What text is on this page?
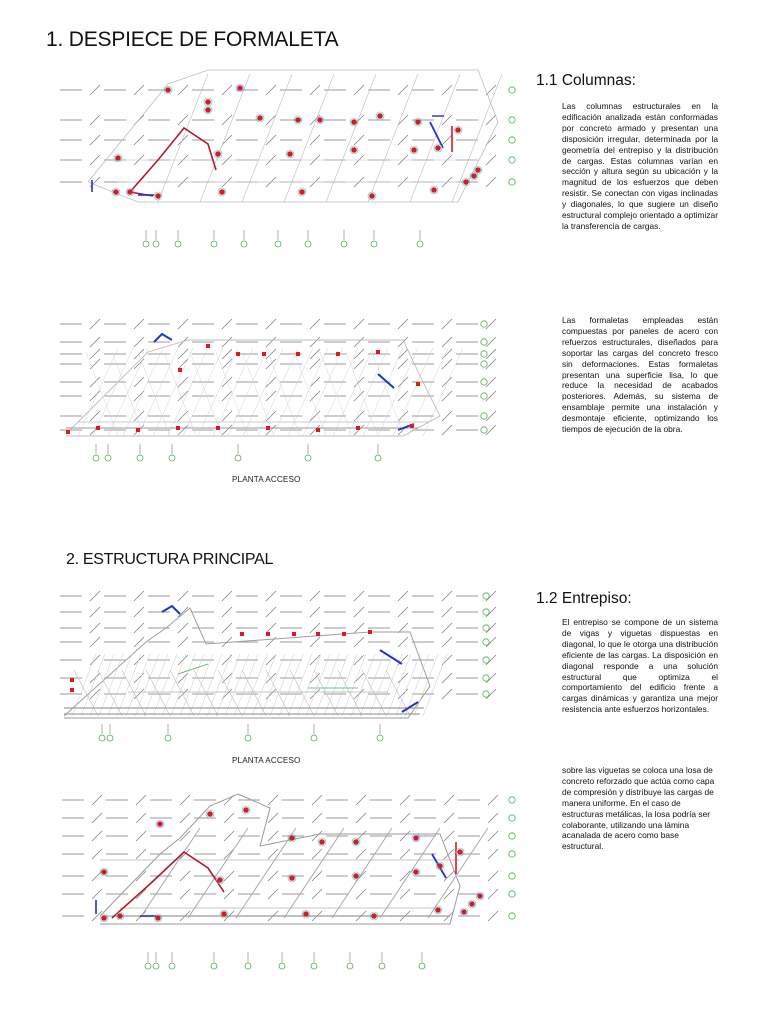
1. DESPIECE DE FORMALETA
1.1 Columnas:
Las columnas estructurales en la edificación analizada están conformadas por concreto armado y presentan una disposición irregular, determinada por la geometría del entrepiso y la distribución de cargas. Estas columnas varían en sección y altura según su ubicación y la magnitud de los esfuerzos que deben resistir. Se conectan con vigas inclinadas y diagonales, lo que sugiere un diseño estructural complejo orientado a optimizar la transferencia de cargas.
Las formaletas empleadas están compuestas por paneles de acero con refuerzos estructurales, diseñados para soportar las cargas del concreto fresco sin deformaciones. Estas formaletas presentan una superficie lisa, lo que reduce la necesidad de acabados posteriores. Además, su sistema de ensamblaje permite una instalación y desmontaje eficiente, optimizando los tiempos de ejecución de la obra.
PLANTA ACCESO
2. ESTRUCTURA PRINCIPAL
PLANTA ACCESO
1.2 Entrepiso:
El entrepiso se compone de un sistema de vigas y viguetas dispuestas en diagonal, lo que le otorga una distribución eficiente de las cargas. La disposición en diagonal responde a una solución estructural que optimiza el comportamiento del edificio frente a cargas dinámicas y garantiza una mejor resistencia ante esfuerzos horizontales.
sobre las viguetas se coloca una losa de concreto reforzado que actúa como capa de compresión y distribuye las cargas de manera uniforme. En el caso de estructuras metálicas, la losa podría ser colaborante, utilizando una lámina acanalada de acero como base estructural.
